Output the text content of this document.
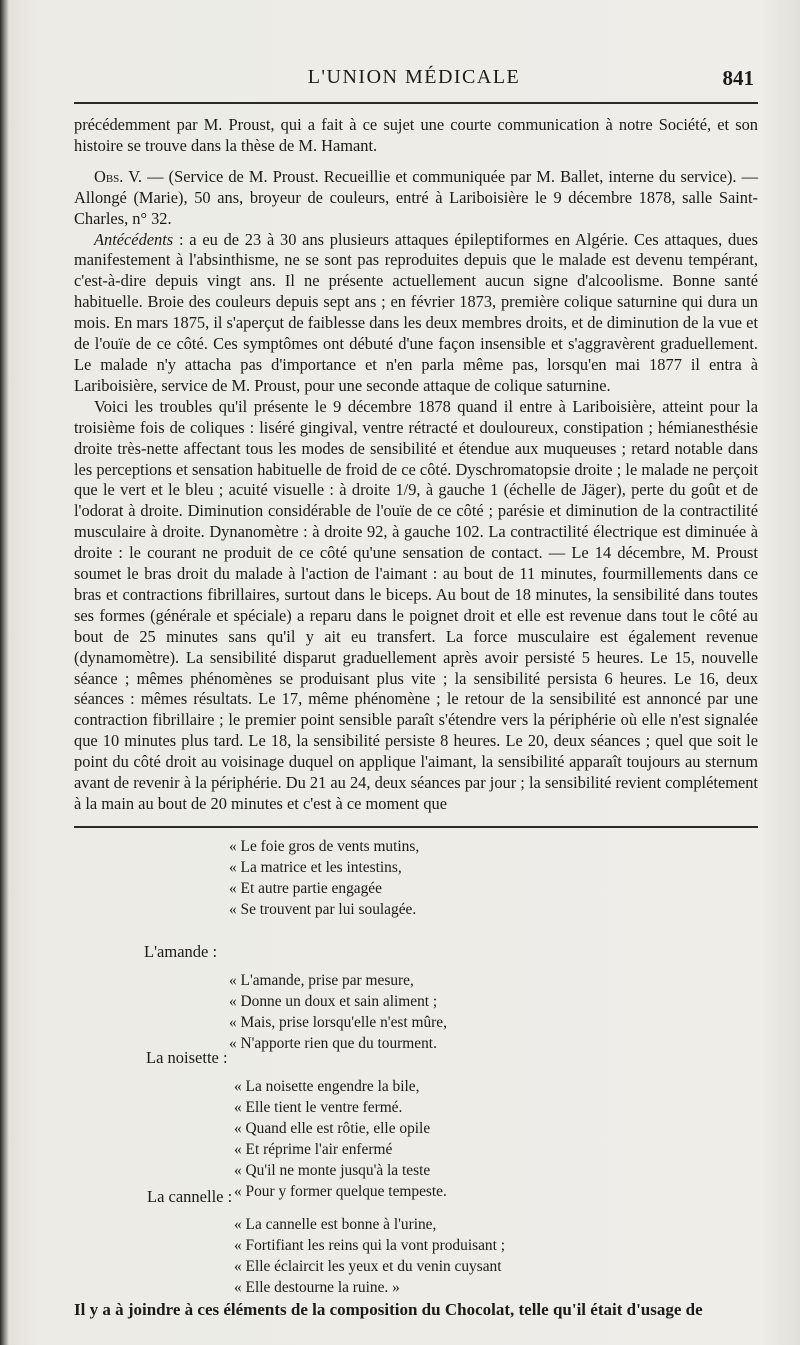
L'UNION MÉDICALE	841

précédemment par M. Proust, qui a fait à ce sujet une courte communication à notre Société, et son histoire se trouve dans la thèse de M. Hamant.

Obs. V. — (Service de M. Proust. Recueillie et communiquée par M. Ballet, interne du service). — Allongé (Marie), 50 ans, broyeur de couleurs, entré à Lariboisière le 9 décembre 1878, salle Saint-Charles, n° 32.

Antécédents : a eu de 23 à 30 ans plusieurs attaques épileptiformes en Algérie. Ces attaques, dues manifestement à l'absinthisme, ne se sont pas reproduites depuis que le malade est devenu tempérant, c'est-à-dire depuis vingt ans. Il ne présente actuellement aucun signe d'alcoolisme. Bonne santé habituelle. Broie des couleurs depuis sept ans ; en février 1873, première colique saturnine qui dura un mois. En mars 1875, il s'aperçut de faiblesse dans les deux membres droits, et de diminution de la vue et de l'ouïe de ce côté. Ces symptômes ont débuté d'une façon insensible et s'aggravèrent graduellement. Le malade n'y attacha pas d'importance et n'en parla même pas, lorsqu'en mai 1877 il entra à Lariboisière, service de M. Proust, pour une seconde attaque de colique saturnine.

Voici les troubles qu'il présente le 9 décembre 1878 quand il entre à Lariboisière, atteint pour la troisième fois de coliques : liséré gingival, ventre rétracté et douloureux, constipation ; hémianesthésie droite très-nette affectant tous les modes de sensibilité et étendue aux muqueuses ; retard notable dans les perceptions et sensation habituelle de froid de ce côté. Dyschromatopsie droite ; le malade ne perçoit que le vert et le bleu ; acuité visuelle : à droite 1/9, à gauche 1 (échelle de Jäger), perte du goût et de l'odorat à droite. Diminution considérable de l'ouïe de ce côté ; parésie et diminution de la contractilité musculaire à droite. Dynanomètre : à droite 92, à gauche 102. La contractilité électrique est diminuée à droite : le courant ne produit de ce côté qu'une sensation de contact. — Le 14 décembre, M. Proust soumet le bras droit du malade à l'action de l'aimant : au bout de 11 minutes, fourmillements dans ce bras et contractions fibrillaires, surtout dans le biceps. Au bout de 18 minutes, la sensibilité dans toutes ses formes (générale et spéciale) a reparu dans le poignet droit et elle est revenue dans tout le côté au bout de 25 minutes sans qu'il y ait eu transfert. La force musculaire est également revenue (dynamomètre). La sensibilité disparut graduellement après avoir persisté 5 heures. Le 15, nouvelle séance ; mêmes phénomènes se produisant plus vite ; la sensibilité persista 6 heures. Le 16, deux séances : mêmes résultats. Le 17, même phénomène ; le retour de la sensibilité est annoncé par une contraction fibrillaire ; le premier point sensible paraît s'étendre vers la périphérie où elle n'est signalée que 10 minutes plus tard. Le 18, la sensibilité persiste 8 heures. Le 20, deux séances ; quel que soit le point du côté droit au voisinage duquel on applique l'aimant, la sensibilité apparaît toujours au sternum avant de revenir à la périphérie. Du 21 au 24, deux séances par jour ; la sensibilité revient complétement à la main au bout de 20 minutes et c'est à ce moment que

« Le foie gros de vents mutins,
« La matrice et les intestins,
« Et autre partie engagée
« Se trouvent par lui soulagée.
L'amande :
« L'amande, prise par mesure,
« Donne un doux et sain aliment ;
« Mais, prise lorsqu'elle n'est mûre,
« N'apporte rien que du tourment.
La noisette :
« La noisette engendre la bile,
« Elle tient le ventre fermé.
« Quand elle est rôtie, elle opile
« Et réprime l'air enfermé
« Qu'il ne monte jusqu'à la teste
« Pour y former quelque tempeste.
La cannelle :
« La cannelle est bonne à l'urine,
« Fortifiant les reins qui la vont produisant ;
« Elle éclaircit les yeux et du venin cuysant
« Elle destourne la ruine. »
Il y a à joindre à ces éléments de la composition du Chocolat, telle qu'il était d'usage de
